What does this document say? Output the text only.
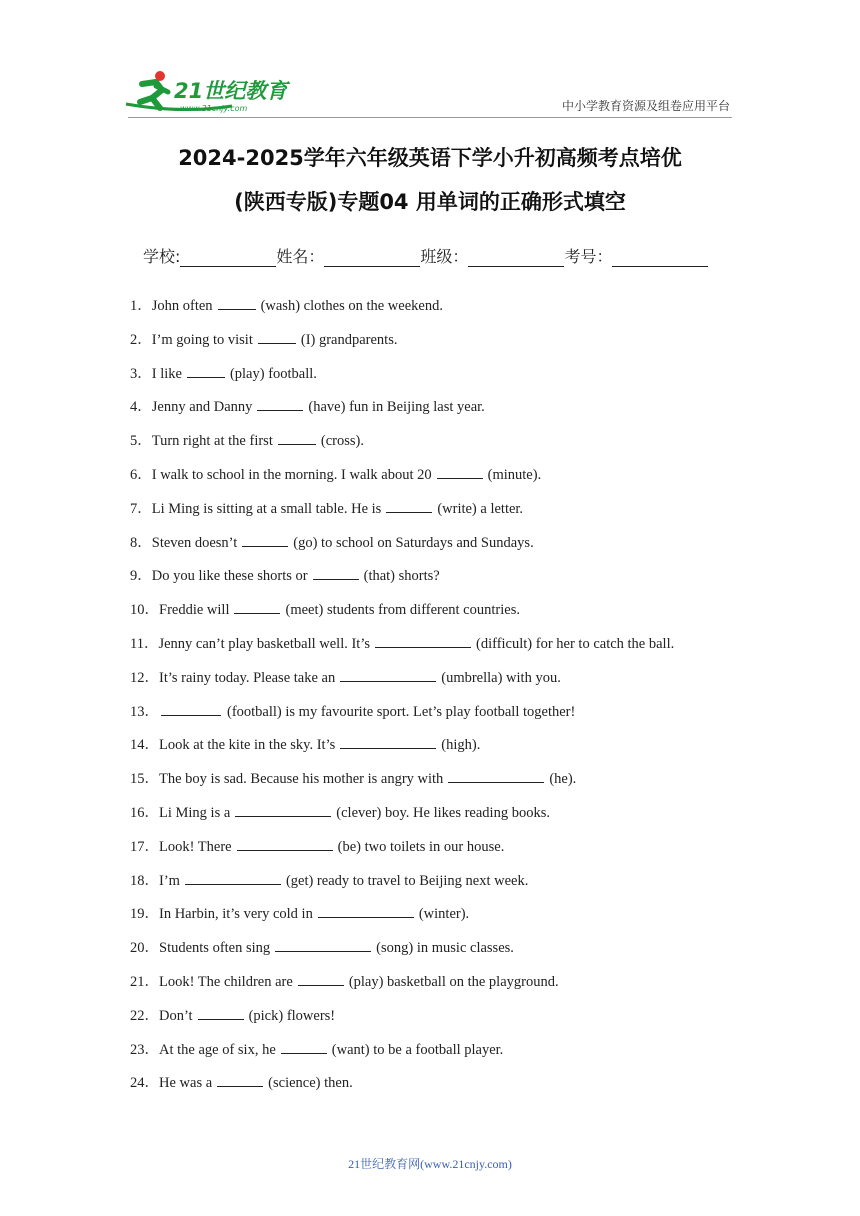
21世纪教育
www.21cnjy.com	中小学教育资源及组卷应用平台
2024-2025学年六年级英语下学小升初高频考点培优
(陕西专版)专题04 用单词的正确形式填空
学校:	姓名：	班级：	考号：
1．John often	(wash) clothes on the weekend.
2．I’m going to visit	(I) grandparents.
3．I like	(play) football.
4．Jenny and Danny	(have) fun in Beijing last year.
5．Turn right at the first	(cross).
6．I walk to school in the morning. I walk about 20	(minute).
7．Li Ming is sitting at a small table. He is	(write) a letter.
8．Steven doesn’t	(go) to school on Saturdays and Sundays.
9．Do you like these shorts or	(that) shorts?
10．Freddie will	(meet) students from different countries.
11．Jenny can’t play basketball well. It’s	(difficult) for her to catch the ball.
12．It’s rainy today. Please take an	(umbrella) with you.
13．	(football) is my favourite sport. Let’s play football together!
14．Look at the kite in the sky. It’s	(high).
15．The boy is sad. Because his mother is angry with	(he).
16．Li Ming is a	(clever) boy. He likes reading books.
17．Look! There	(be) two toilets in our house.
18．I’m	(get) ready to travel to Beijing next week.
19．In Harbin, it’s very cold in	(winter).
20．Students often sing	(song) in music classes.
21．Look! The children are	(play) basketball on the playground.
22．Don’t	(pick) flowers!
23．At the age of six, he	(want) to be a football player.
24．He was a	(science) then.
21世纪教育网(www.21cnjy.com)
